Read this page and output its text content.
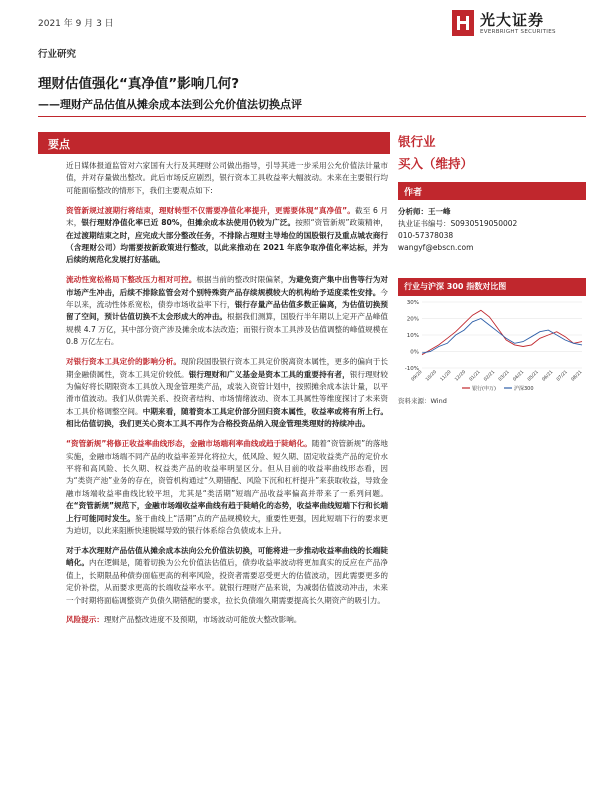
2021 年 9 月 3 日	光大证券
EVERBRIGHT SECURITIES
行业研究
理财估值强化“真净值”影响几何?
——理财产品估值从摊余成本法到公允价值法切换点评
要点

近日媒体报道监管对六家国有大行及其理财公司做出指导，引导其进一步采用公允价值法计量市值，并对存量做出整改。此后市场反应剧烈，银行资本工具收益率大幅波动。未来在主要银行均可能面临整改的情形下，我们主要观点如下:

资管新规过渡期行将结束，理财转型不仅需要净值化率提升，更需要体现“真净值”。截至 6 月末，银行理财净值化率已近 80%，但摊余成本法使用仍较为广泛。按照“资管新规”政策精神，在过渡期结束之时，应完成大部分整改任务，不排除占理财主导地位的国股银行及重点城农商行（含理财公司）均需要按新政策进行整改，以此来推动在 2021 年底争取净值化率达标，并为后续的规范化发展打好基础。

流动性宽松格局下整改压力相对可控。根据当前的整改时限偏紧，为避免资产集中出售等行为对市场产生冲击，后续不排除监管会对个别特殊资产品存续规模较大的机构给予适度柔性安排。今年以来，流动性体系宽松，债券市场收益率下行，银行存量产品估值多数正偏离，为估值切换预留了空间，预计估值切换不太会形成大的冲击。根据我们测算，国股行半年期以上定开产品峰值规模 4.7 万亿，其中部分资产涉及摊余成本法改造；而银行资本工具涉及估值调整的峰值规模在 0.8 万亿左右。

对银行资本工具定价的影响分析。现阶段国股银行资本工具定价脱离资本属性，更多的偏向于长期金融债属性，资本工具定价较低。银行理财和广义基金是资本工具的重要持有者，银行理财较为偏好将长期限资本工具放入现金管理类产品，或装入资管计划中，按照摊余成本法计量，以平滑市值波动。我们从供需关系、投资者结构、市场情绪波动、资本工具属性等维度探讨了未来资本工具价格调整空间。中期来看，随着资本工具定价部分回归资本属性，收益率或将有所上行。相比估值切换，我们更关心资本工具不再作为合格投资品纳入现金管理类理财的持续冲击。

“资管新规”将修正收益率曲线形态，金融市场端利率曲线或趋于陡峭化。随着“资管新规”的落地实施，金融市场端不同产品的收益率差异化将拉大，低风险、短久期、固定收益类产品的定价水平将和高风险、长久期、权益类产品的收益率明显区分。但从目前的收益率曲线形态看，因为“类资产池”业务的存在，资管机构通过“久期错配、风险下沉和杠杆提升”来获取收益，导致金融市场端收益率曲线比较平坦，尤其是“类活期”短端产品收益率偏高并带来了一系列问题。在“资管新规”规范下，金融市场端收益率曲线有趋于陡峭化的态势，收益率曲线短端下行和长端上行可能同时发生。鉴于曲线上“活期”点的产品规模较大，重要性更强，因此短端下行的要求更为迫切，以此来阻断快速脱媒导致的银行体系综合负债成本上升。

对于本次理财产品估值从摊余成本法向公允价值法切换，可能将进一步推动收益率曲线的长端陡峭化。内在逻辑是，随着切换为公允价值法估值后，债券收益率波动将更加真实的反应在产品净值上，长期限品种债券面临更高的利率风险，投资者需要忍受更大的估值波动，因此需要更多的定价补偿，从而要求更高的长端收益率水平。就银行理财产品来说，为减弱估值波动冲击，未来一个时期将面临调整资产负债久期错配的要求，拉长负债端久期需要提高长久期资产的吸引力。

风险提示：理财产品整改进度不及预期，市场波动可能放大整改影响。

银行业
买入（维持）
作者
分析师：王一峰
执业证书编号：S0930519050002
010-57378038
wangyf@ebscn.com
行业与沪深 300 指数对比图
30%
20%
10%
0%
-10%
09/20 10/20 11/20 12/20 01/21 02/21 03/21 04/21 05/21 06/21 07/21 08/21
银行(申万)	沪深300
资料来源：Wind
